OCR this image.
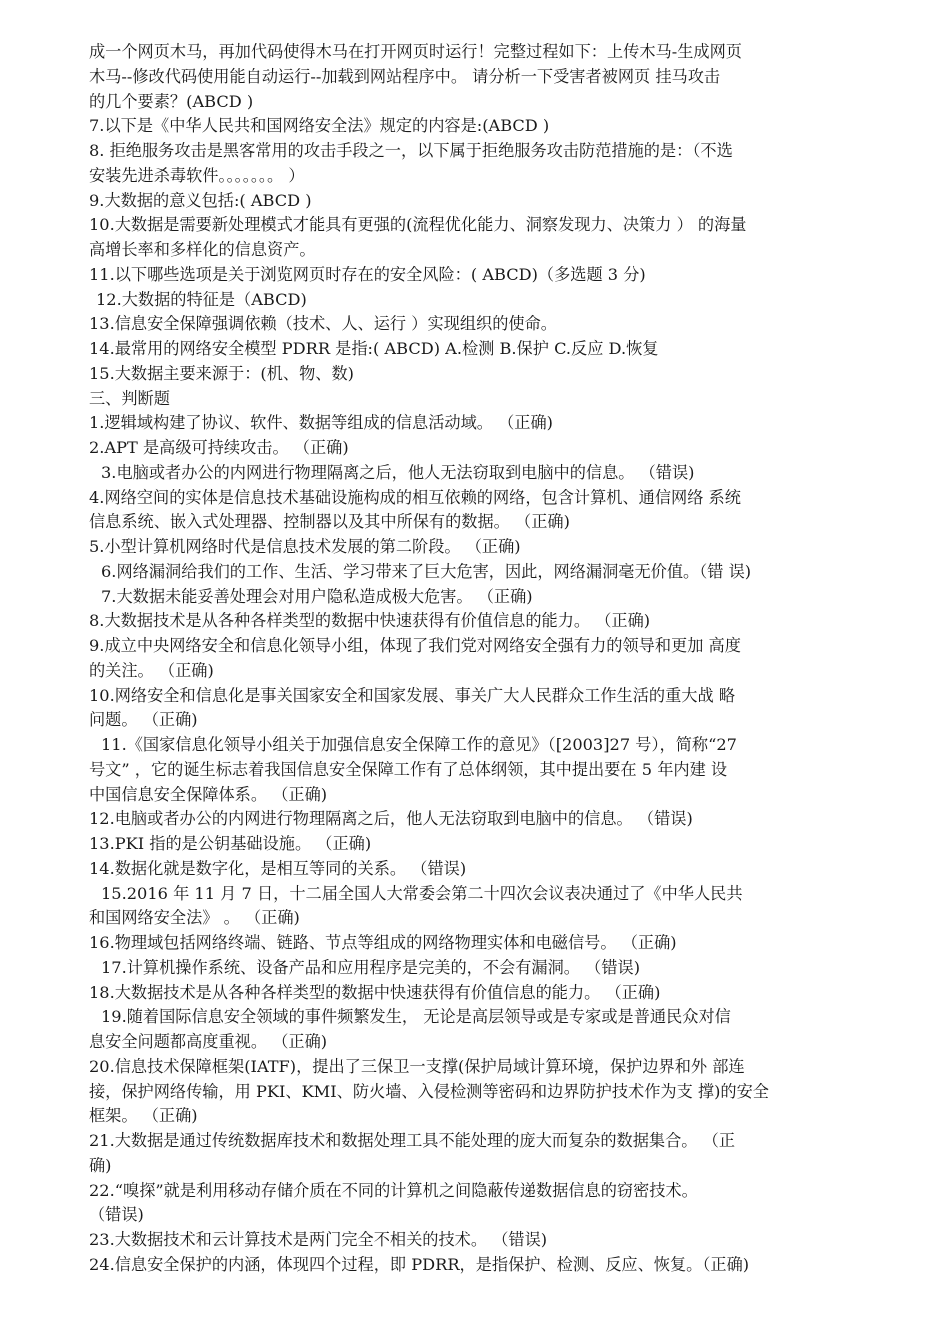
成一个网页木马，再加代码使得木马在打开网页时运行！完整过程如下：上传木马-生成网页
木马--修改代码使用能自动运行--加载到网站程序中。 请分析一下受害者被网页 挂马攻击
的几个要素？(ABCD )
7.以下是《中华人民共和国网络安全法》规定的内容是:(ABCD )
8. 拒绝服务攻击是黑客常用的攻击手段之一，以下属于拒绝服务攻击防范措施的是：（不选
安装先进杀毒软件。。。。。。。 ）
9.大数据的意义包括:( ABCD )
10.大数据是需要新处理模式才能具有更强的(流程优化能力、洞察发现力、决策力 ） 的海量
高增长率和多样化的信息资产。
11.以下哪些选项是关于浏览网页时存在的安全风险：( ABCD)（多选题 3 分)
12.大数据的特征是（ABCD)
13.信息安全保障强调依赖（技术、人、运行 ）实现组织的使命。
14.最常用的网络安全模型 PDRR 是指:( ABCD) A.检测 B.保护 C.反应 D.恢复
15.大数据主要来源于：(机、物、数)
三、判断题
1.逻辑域构建了协议、软件、数据等组成的信息活动域。 （正确)
2.APT 是高级可持续攻击。 （正确)
3.电脑或者办公的内网进行物理隔离之后，他人无法窃取到电脑中的信息。 （错误)
4.网络空间的实体是信息技术基础设施构成的相互依赖的网络，包含计算机、通信网络 系统
信息系统、嵌入式处理器、控制器以及其中所保有的数据。 （正确)
5.小型计算机网络时代是信息技术发展的第二阶段。 （正确)
6.网络漏洞给我们的工作、生活、学习带来了巨大危害，因此，网络漏洞毫无价值。（错 误)
7.大数据未能妥善处理会对用户隐私造成极大危害。 （正确)
8.大数据技术是从各种各样类型的数据中快速获得有价值信息的能力。 （正确)
9.成立中央网络安全和信息化领导小组，体现了我们党对网络安全强有力的领导和更加 高度
的关注。 （正确)
10.网络安全和信息化是事关国家安全和国家发展、事关广大人民群众工作生活的重大战 略
问题。 （正确)
11.《国家信息化领导小组关于加强信息安全保障工作的意见》（[2003]27 号），简称“27
号文” ，它的诞生标志着我国信息安全保障工作有了总体纲领，其中提出要在 5 年内建 设
中国信息安全保障体系。 （正确)
12.电脑或者办公的内网进行物理隔离之后，他人无法窃取到电脑中的信息。 （错误)
13.PKI 指的是公钥基础设施。 （正确)
14.数据化就是数字化，是相互等同的关系。 （错误)
15.2016 年 11 月 7 日，十二届全国人大常委会第二十四次会议表决通过了《中华人民共
和国网络安全法》 。 （正确)
16.物理域包括网络终端、链路、节点等组成的网络物理实体和电磁信号。 （正确)
17.计算机操作系统、设备产品和应用程序是完美的，不会有漏洞。 （错误)
18.大数据技术是从各种各样类型的数据中快速获得有价值信息的能力。 （正确)
19.随着国际信息安全领域的事件频繁发生， 无论是高层领导或是专家或是普通民众对信
息安全问题都高度重视。 （正确)
20.信息技术保障框架(IATF)，提出了三保卫一支撑(保护局域计算环境，保护边界和外 部连
接，保护网络传输，用 PKI、KMI、防火墙、入侵检测等密码和边界防护技术作为支 撑)的安全
框架。 （正确)
21.大数据是通过传统数据库技术和数据处理工具不能处理的庞大而复杂的数据集合。 （正
确)
22.“嗅探”就是利用移动存储介质在不同的计算机之间隐蔽传递数据信息的窃密技术。
（错误)
23.大数据技术和云计算技术是两门完全不相关的技术。 （错误)
24.信息安全保护的内涵，体现四个过程，即 PDRR，是指保护、检测、反应、恢复。（正确)
